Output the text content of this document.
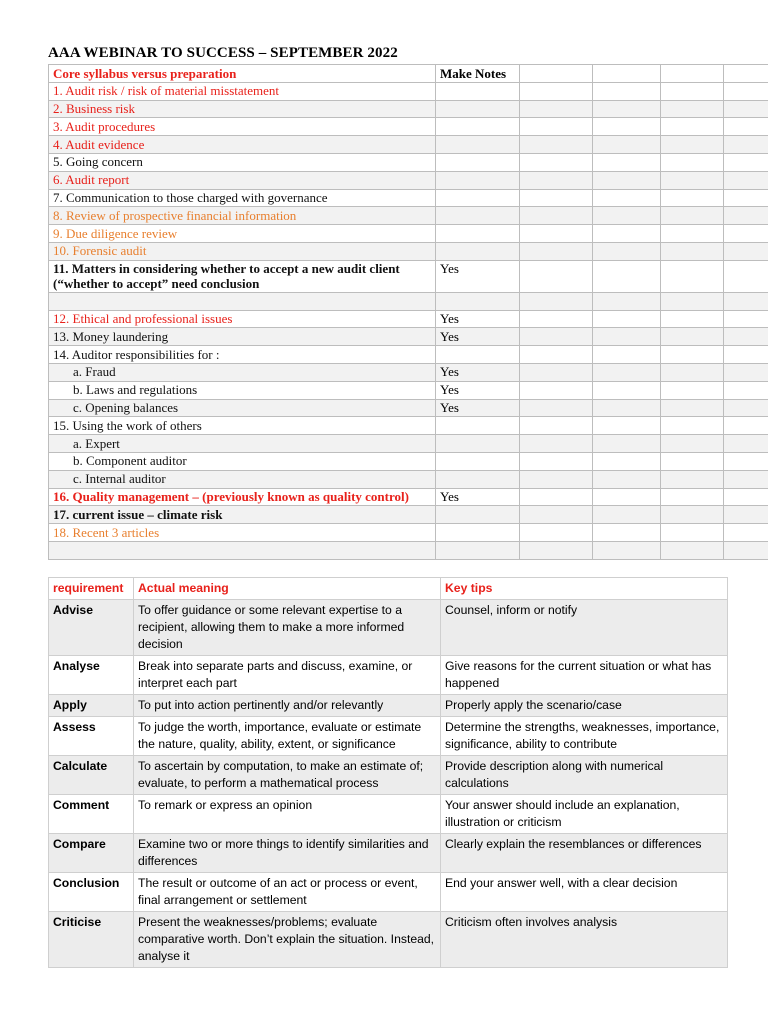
AAA WEBINAR TO SUCCESS – SEPTEMBER 2022
Core syllabus versus preparation	Make Notes				
1. Audit risk / risk of material misstatement					
2. Business risk					
3. Audit procedures					
4. Audit evidence					
5. Going concern					
6. Audit report					
7. Communication to those charged with governance					
8. Review of prospective financial information					
9. Due diligence review					
10. Forensic audit					
11. Matters in considering whether to accept a new audit client (“whether to accept” need conclusion	Yes				

12. Ethical and professional issues	Yes				
13. Money laundering	Yes				
14. Auditor responsibilities for :					
a. Fraud	Yes				
b. Laws and regulations	Yes				
c. Opening balances	Yes				
15. Using the work of others					
a. Expert					
b. Component auditor					
c. Internal auditor					
16. Quality management – (previously known as quality control)	Yes				
17. current issue – climate risk					
18. Recent 3 articles					

requirement	Actual meaning	Key tips
Advise	To offer guidance or some relevant expertise to a recipient, allowing them to make a more informed decision	Counsel, inform or notify
Analyse	Break into separate parts and discuss, examine, or interpret each part	Give reasons for the current situation or what has happened
Apply	To put into action pertinently and/or relevantly	Properly apply the scenario/case
Assess	To judge the worth, importance, evaluate or estimate the nature, quality, ability, extent, or significance	Determine the strengths, weaknesses, importance, significance, ability to contribute
Calculate	To ascertain by computation, to make an estimate of; evaluate, to perform a mathematical process	Provide description along with numerical calculations
Comment	To remark or express an opinion	Your answer should include an explanation, illustration or criticism
Compare	Examine two or more things to identify similarities and differences	Clearly explain the resemblances or differences
Conclusion	The result or outcome of an act or process or event, final arrangement or settlement	End your answer well, with a clear decision
Criticise	Present the weaknesses/problems; evaluate comparative worth. Don’t explain the situation. Instead, analyse it	Criticism often involves analysis
